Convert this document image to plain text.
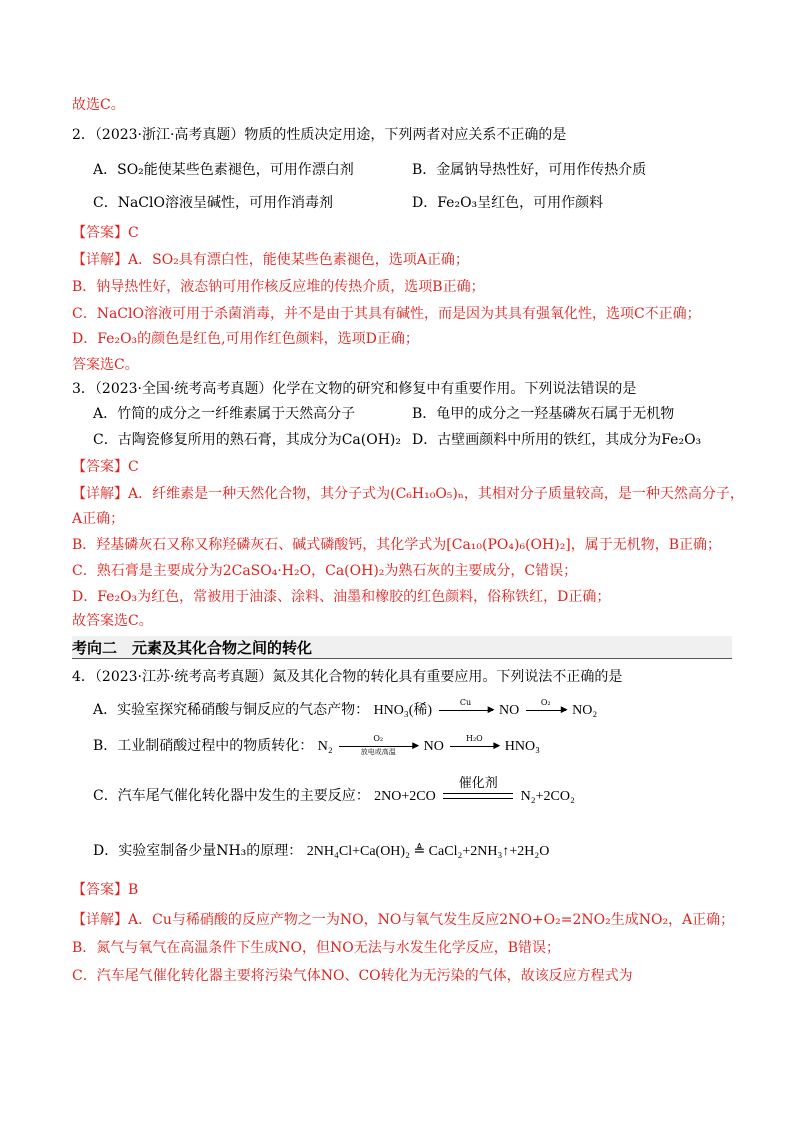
故选C。
2．（2023·浙江·高考真题）物质的性质决定用途，下列两者对应关系不正确的是
A．SO₂能使某些色素褪色，可用作漂白剂	B．金属钠导热性好，可用作传热介质
C．NaClO溶液呈碱性，可用作消毒剂	D．Fe₂O₃呈红色，可用作颜料
【答案】C
【详解】A．SO₂具有漂白性，能使某些色素褪色，选项A正确；
B．钠导热性好，液态钠可用作核反应堆的传热介质，选项B正确；
C．NaClO溶液可用于杀菌消毒，并不是由于其具有碱性，而是因为其具有强氧化性，选项C不正确；
D．Fe₂O₃的颜色是红色,可用作红色颜料，选项D正确；
答案选C。
3．（2023·全国·统考高考真题）化学在文物的研究和修复中有重要作用。下列说法错误的是
A．竹简的成分之一纤维素属于天然高分子	B．龟甲的成分之一羟基磷灰石属于无机物
C．古陶瓷修复所用的熟石膏，其成分为Ca(OH)₂ D．古壁画颜料中所用的铁红，其成分为Fe₂O₃
【答案】C
【详解】A．纤维素是一种天然化合物，其分子式为(C₆H₁₀O₅)ₙ，其相对分子质量较高，是一种天然高分子，
A正确；
B．羟基磷灰石又称又称羟磷灰石、碱式磷酸钙，其化学式为[Ca₁₀(PO₄)₆(OH)₂]，属于无机物，B正确；
C．熟石膏是主要成分为2CaSO₄·H₂O，Ca(OH)₂为熟石灰的主要成分，C错误；
D．Fe₂O₃为红色，常被用于油漆、涂料、油墨和橡胶的红色颜料，俗称铁红，D正确；
故答案选C。
考向二　元素及其化合物之间的转化
4．（2023·江苏·统考高考真题）氮及其化合物的转化具有重要应用。下列说法不正确的是
A．实验室探究稀硝酸与铜反应的气态产物： HNO₃(稀)
Cu
▶ NO
O₂
▶ NO₂
B．工业制硝酸过程中的物质转化： N₂
O₂
▶
放电或高温	NO
H₂O
▶ HNO₃
C．汽车尾气催化转化器中发生的主要反应： 2NO+2CO
催化剂
N₂+2CO₂
D．实验室制备少量NH₃的原理： 2NH₄Cl+Ca(OH)₂ ≜ CaCl₂+2NH₃↑+2H₂O
【答案】B
【详解】A．Cu与稀硝酸的反应产物之一为NO，NO与氧气发生反应2NO+O₂=2NO₂生成NO₂，A正确；
B．氮气与氧气在高温条件下生成NO，但NO无法与水发生化学反应，B错误；
C．汽车尾气催化转化器主要将污染气体NO、CO转化为无污染的气体，故该反应方程式为
